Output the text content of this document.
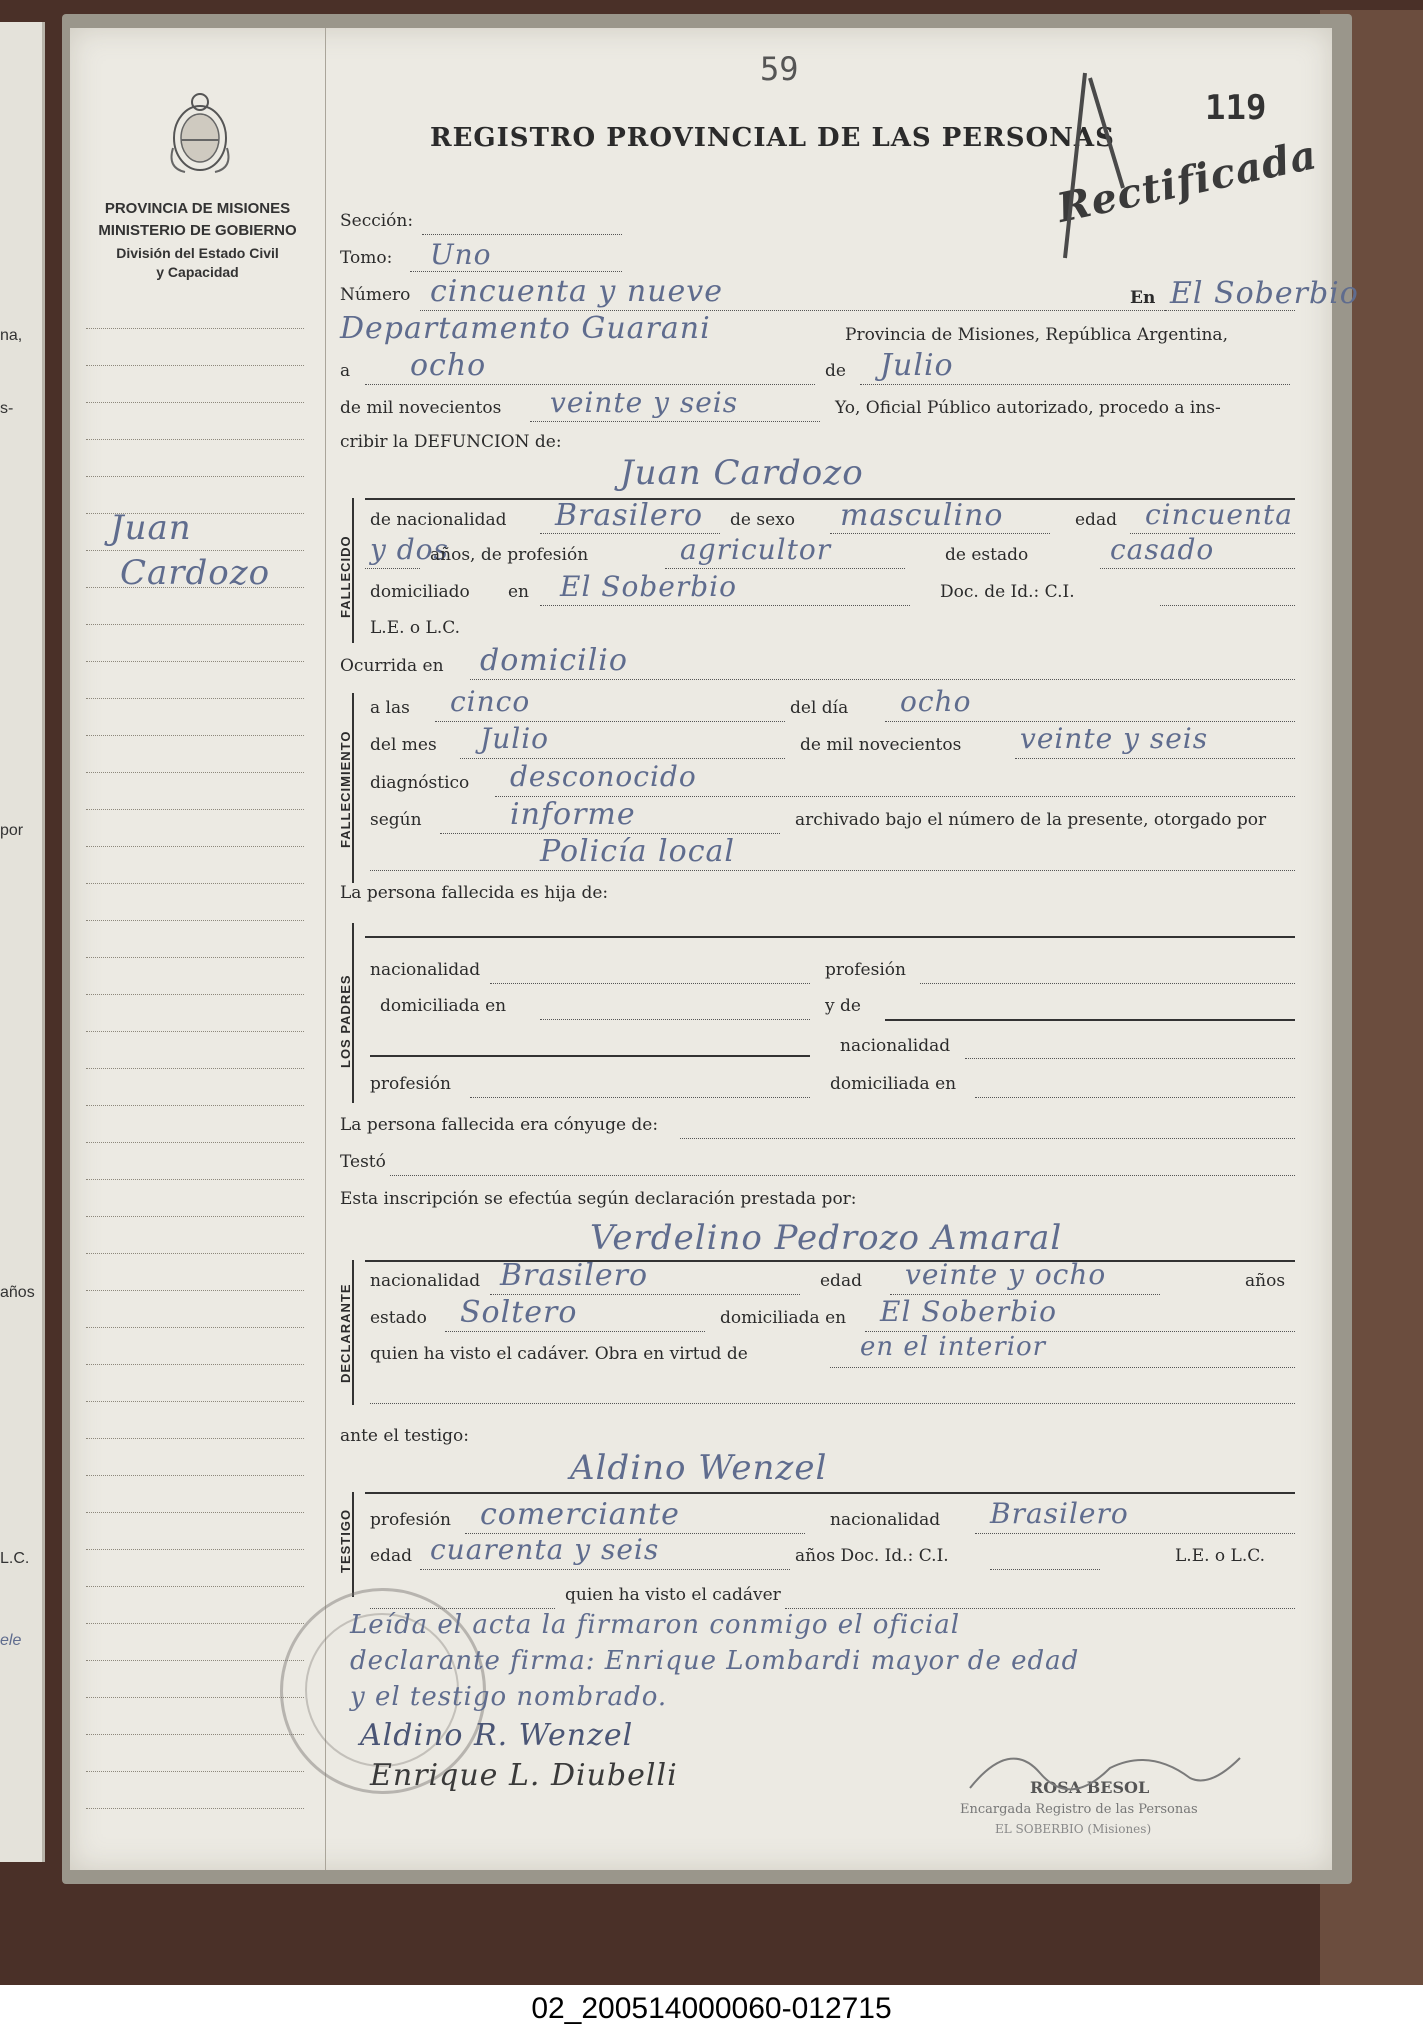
na,
s-
por
años
L.C.
ele
PROVINCIA DE MISIONES
MINISTERIO DE GOBIERNO
División del Estado Civil
y Capacidad
Juan
Cardozo
59
REGISTRO PROVINCIAL DE LAS PERSONAS
119
Rectificada
Sección:
Tomo: Uno
Número cincuenta y nueve	En El Soberbio
Departamento Guarani	Provincia de Misiones, República Argentina,
a ocho	de Julio
de mil novecientos veinte y seis	Yo, Oficial Público autorizado, procedo a ins-
cribir la DEFUNCION de:
Juan Cardozo
FALLECIDO
de nacionalidad Brasilero de sexo masculino	edad cincuenta
y dos
años, de profesión	agricultor	de estado	casado
domiciliado en El Soberbio	Doc. de Id.: C.I.
L.E. o L.C.
Ocurrida en domicilio
FALLECIMIENTO
a las cinco	del día ocho
del mes Julio	de mil novecientos veinte y seis
diagnóstico desconocido
según	informe	archivado bajo el número de la presente, otorgado por
Policía local
La persona fallecida es hija de:
LOS PADRES
nacionalidad	profesión
domiciliada en	y de
nacionalidad
profesión	domiciliada en
La persona fallecida era cónyuge de:
Testó
Esta inscripción se efectúa según declaración prestada por:
Verdelino Pedrozo Amaral
DECLARANTE
nacionalidad Brasilero	edad veinte y ocho	años
estado Soltero	domiciliada en El Soberbio
quien ha visto el cadáver. Obra en virtud de	en el interior
ante el testigo:
Aldino Wenzel
TESTIGO profesión comerciante	nacionalidad Brasilero
edad cuarenta y seis	años Doc. Id.: C.I.	L.E. o L.C.
quien ha visto el cadáver
Leída el acta la firmaron conmigo el oficial
declarante firma: Enrique Lombardi mayor de edad
y el testigo nombrado.
Aldino R. Wenzel
Enrique L. Diubelli	ROSA BESOL
Encargada Registro de las Personas
EL SOBERBIO (Misiones)
02_200514000060-012715
